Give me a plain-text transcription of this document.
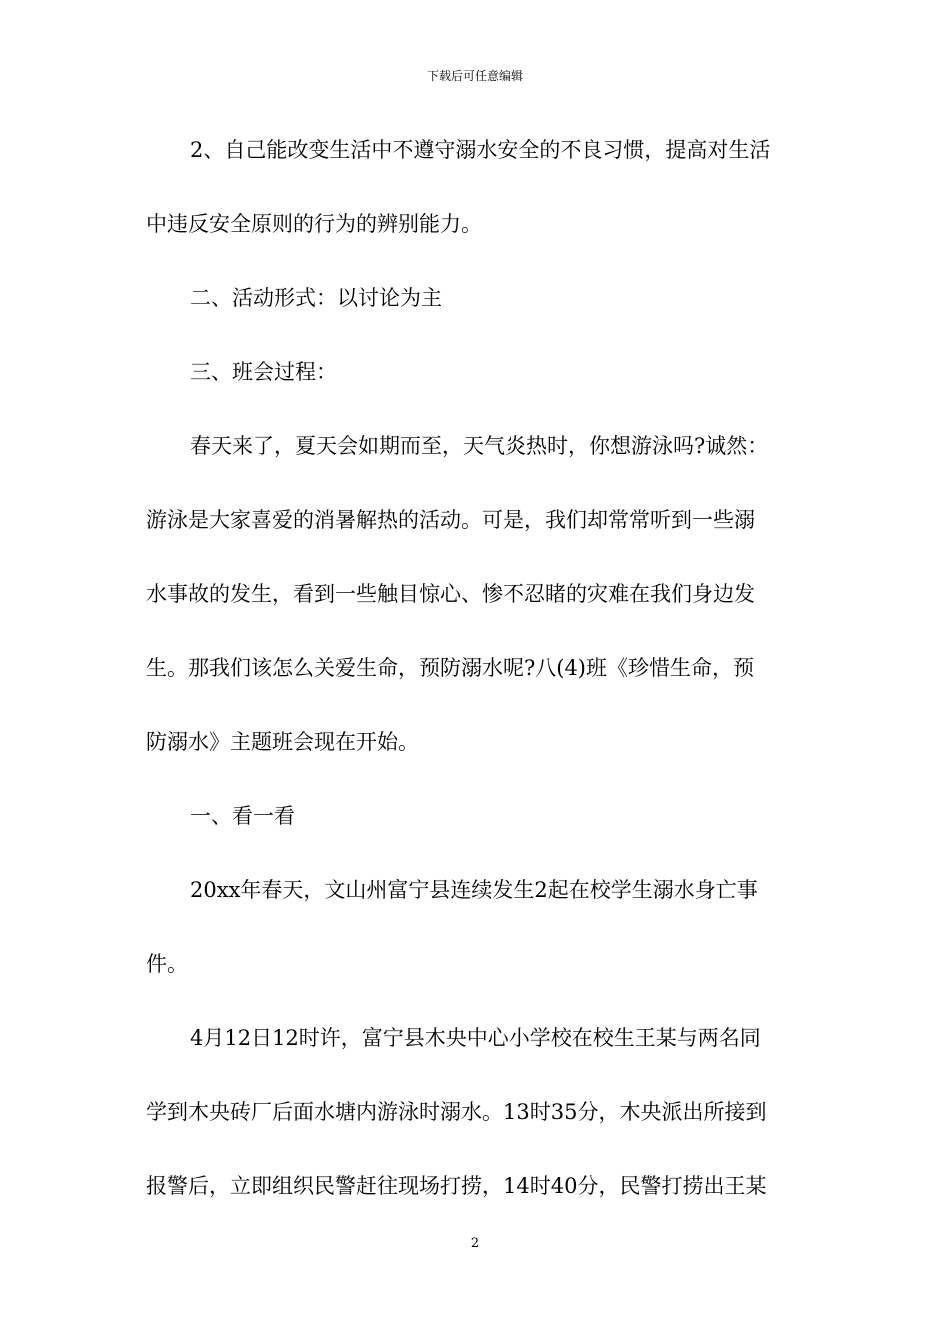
下载后可任意编辑
2、自己能改变生活中不遵守溺水安全的不良习惯，提高对生活
中违反安全原则的行为的辨别能力。
二、活动形式：以讨论为主
三、班会过程：
春天来了，夏天会如期而至，天气炎热时，你想游泳吗?诚然：
游泳是大家喜爱的消暑解热的活动。可是，我们却常常听到一些溺
水事故的发生，看到一些触目惊心、惨不忍睹的灾难在我们身边发
生。那我们该怎么关爱生命，预防溺水呢?八(4)班《珍惜生命，预
防溺水》主题班会现在开始。
一、看一看
20xx年春天，文山州富宁县连续发生2起在校学生溺水身亡事
件。
4月12日12时许，富宁县木央中心小学校在校生王某与两名同
学到木央砖厂后面水塘内游泳时溺水。13时35分，木央派出所接到
报警后，立即组织民警赶往现场打捞，14时40分，民警打捞出王某
2
